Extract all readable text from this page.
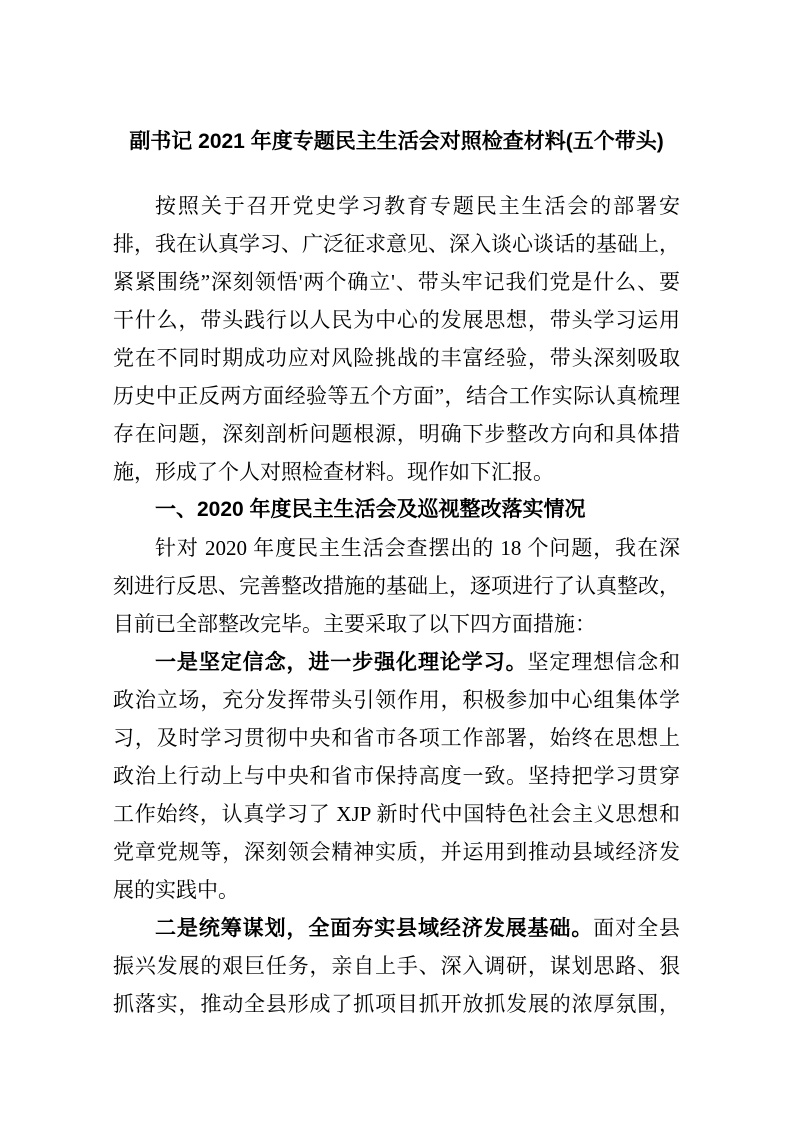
副书记 2021 年度专题民主生活会对照检查材料(五个带头)
按照关于召开党史学习教育专题民主生活会的部署安
排，我在认真学习、广泛征求意见、深入谈心谈话的基础上，
紧紧围绕”深刻领悟'两个确立'、带头牢记我们党是什么、要
干什么，带头践行以人民为中心的发展思想，带头学习运用
党在不同时期成功应对风险挑战的丰富经验，带头深刻吸取
历史中正反两方面经验等五个方面”，结合工作实际认真梳理
存在问题，深刻剖析问题根源，明确下步整改方向和具体措
施，形成了个人对照检查材料。现作如下汇报。
一、2020 年度民主生活会及巡视整改落实情况
针对 2020 年度民主生活会查摆出的 18 个问题，我在深
刻进行反思、完善整改措施的基础上，逐项进行了认真整改，
目前已全部整改完毕。主要采取了以下四方面措施：
一是坚定信念，进一步强化理论学习。坚定理想信念和
政治立场，充分发挥带头引领作用，积极参加中心组集体学
习，及时学习贯彻中央和省市各项工作部署，始终在思想上
政治上行动上与中央和省市保持高度一致。坚持把学习贯穿
工作始终，认真学习了 XJP 新时代中国特色社会主义思想和
党章党规等，深刻领会精神实质，并运用到推动县域经济发
展的实践中。
二是统筹谋划，全面夯实县域经济发展基础。面对全县
振兴发展的艰巨任务，亲自上手、深入调研，谋划思路、狠
抓落实，推动全县形成了抓项目抓开放抓发展的浓厚氛围，
